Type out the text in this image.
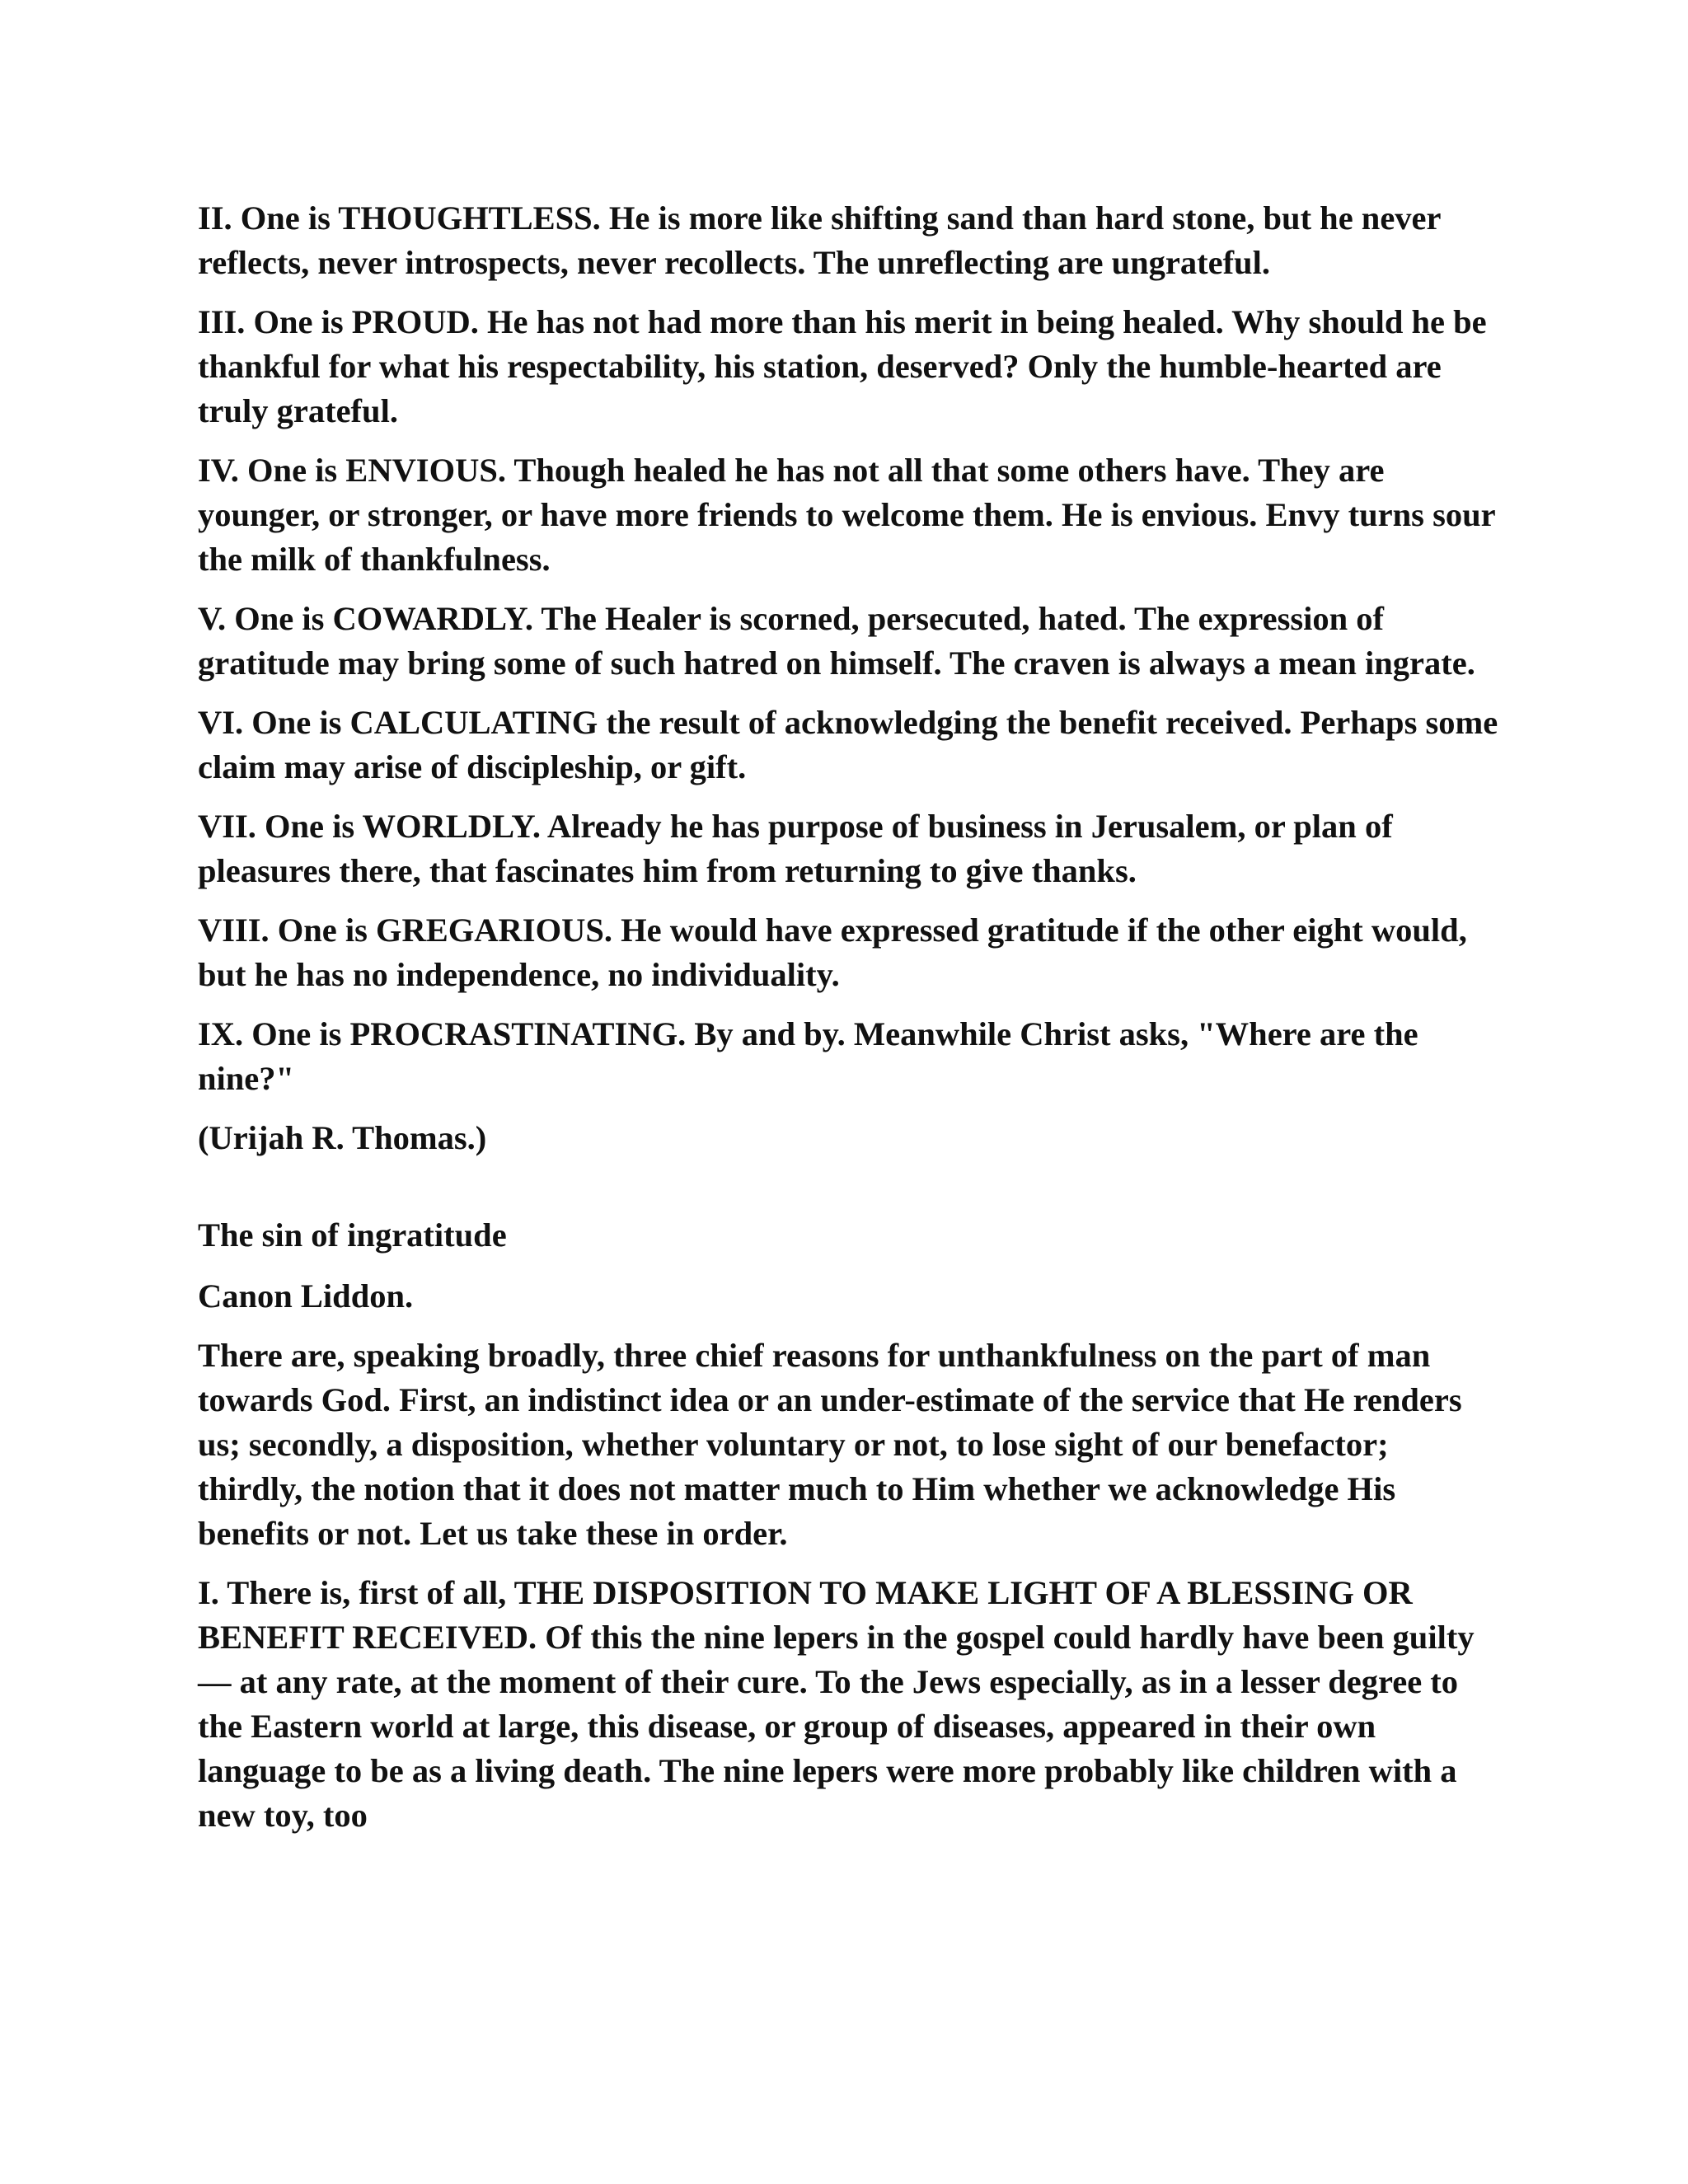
II. One is THOUGHTLESS. He is more like shifting sand than hard stone, but he never reflects, never introspects, never recollects. The unreflecting are ungrateful.

III. One is PROUD. He has not had more than his merit in being healed. Why should he be thankful for what his respectability, his station, deserved? Only the humble-hearted are truly grateful.

IV. One is ENVIOUS. Though healed he has not all that some others have. They are younger, or stronger, or have more friends to welcome them. He is envious. Envy turns sour the milk of thankfulness.

V. One is COWARDLY. The Healer is scorned, persecuted, hated. The expression of gratitude may bring some of such hatred on himself. The craven is always a mean ingrate.

VI. One is CALCULATING the result of acknowledging the benefit received. Perhaps some claim may arise of discipleship, or gift.

VII. One is WORLDLY. Already he has purpose of business in Jerusalem, or plan of pleasures there, that fascinates him from returning to give thanks.

VIII. One is GREGARIOUS. He would have expressed gratitude if the other eight would, but he has no independence, no individuality.

IX. One is PROCRASTINATING. By and by. Meanwhile Christ asks, "Where are the nine?"

(Urijah R. Thomas.)

The sin of ingratitude

Canon Liddon.

There are, speaking broadly, three chief reasons for unthankfulness on the part of man towards God. First, an indistinct idea or an under-estimate of the service that He renders us; secondly, a disposition, whether voluntary or not, to lose sight of our benefactor; thirdly, the notion that it does not matter much to Him whether we acknowledge His benefits or not. Let us take these in order.

I. There is, first of all, THE DISPOSITION TO MAKE LIGHT OF A BLESSING OR BENEFIT RECEIVED. Of this the nine lepers in the gospel could hardly have been guilty — at any rate, at the moment of their cure. To the Jews especially, as in a lesser degree to the Eastern world at large, this disease, or group of diseases, appeared in their own language to be as a living death. The nine lepers were more probably like children with a new toy, too
